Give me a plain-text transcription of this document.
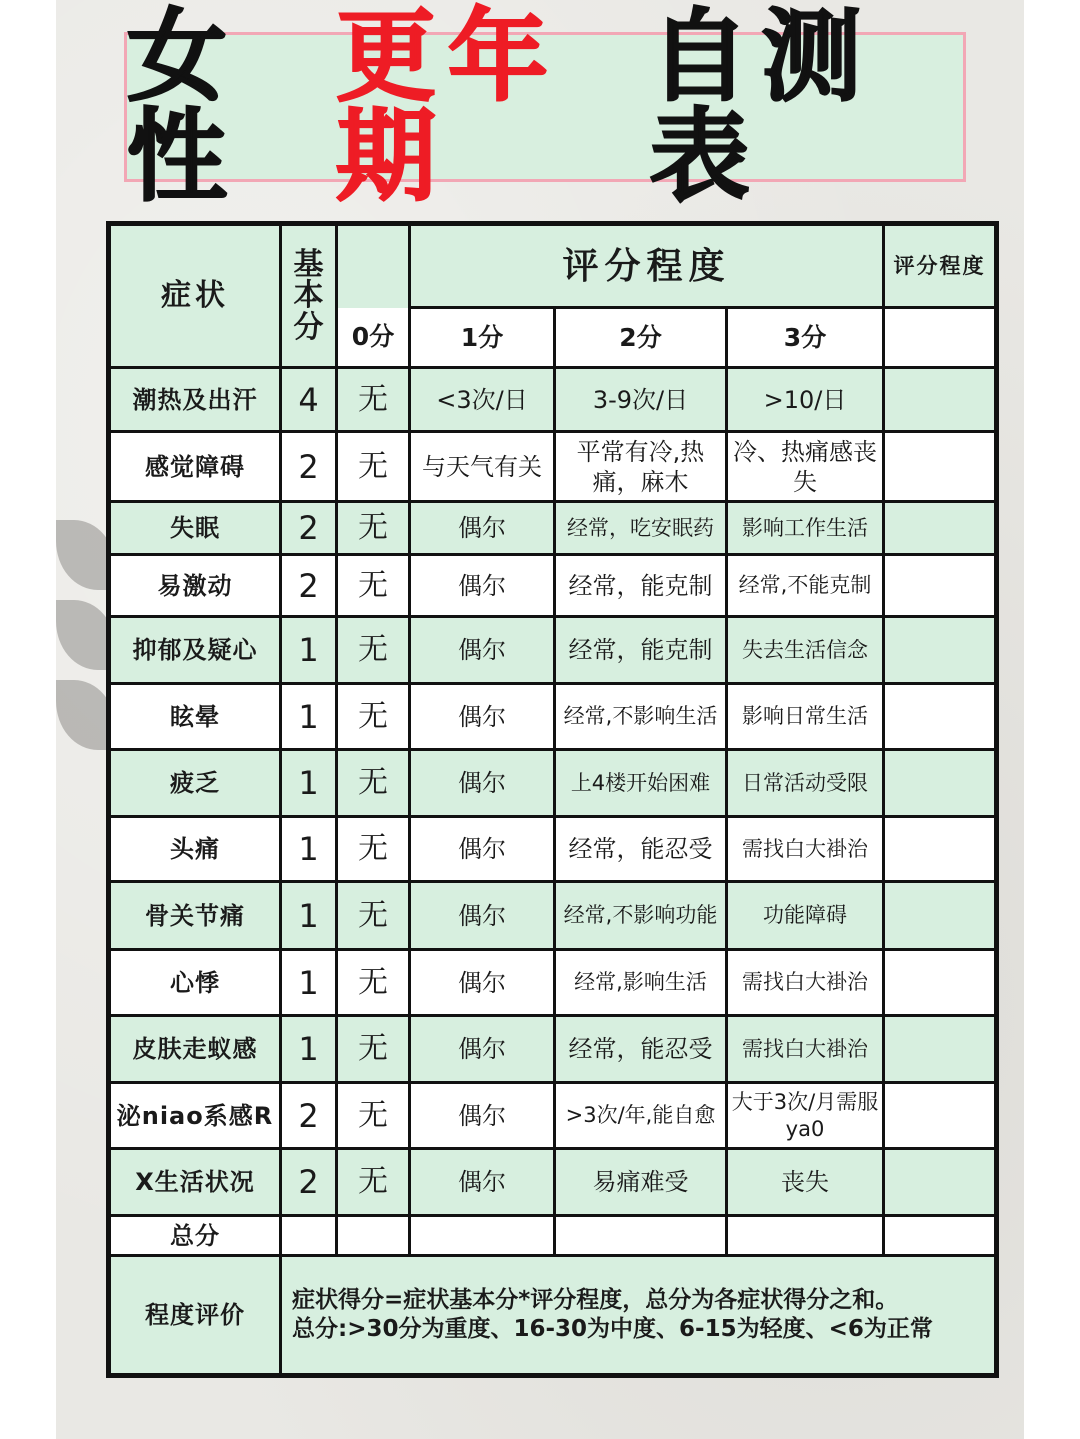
女性
更年期
自测表
症状	基本分		评分程度			评分程度
		0分	1分	2分	3分	
潮热及出汗	4	无	<3次/日	3-9次/日	>10/日	
感觉障碍	2	无	与天气有关	平常有冷,热痛，麻木	冷、热痛感丧失	
失眠	2	无	偶尔	经常，吃安眠药	影响工作生活	
易激动	2	无	偶尔	经常，能克制	经常,不能克制	
抑郁及疑心	1	无	偶尔	经常，能克制	失去生活信念	
眩晕	1	无	偶尔	经常,不影响生活	影响日常生活	
疲乏	1	无	偶尔	上4楼开始困难	日常活动受限	
头痛	1	无	偶尔	经常，能忍受	需找白大褂治	
骨关节痛	1	无	偶尔	经常,不影响功能	功能障碍	
心悸	1	无	偶尔	经常,影响生活	需找白大褂治	
皮肤走蚁感	1	无	偶尔	经常，能忍受	需找白大褂治	
泌niao系感R	2	无	偶尔	>3次/年,能自愈	大于3次/月需服ya0	
X生活状况	2	无	偶尔	易痛难受	丧失	
总分						
程度评价	症状得分=症状基本分*评分程度，总分为各症状得分之和。
总分:>30分为重度、16-30为中度、6-15为轻度、<6为正常					
